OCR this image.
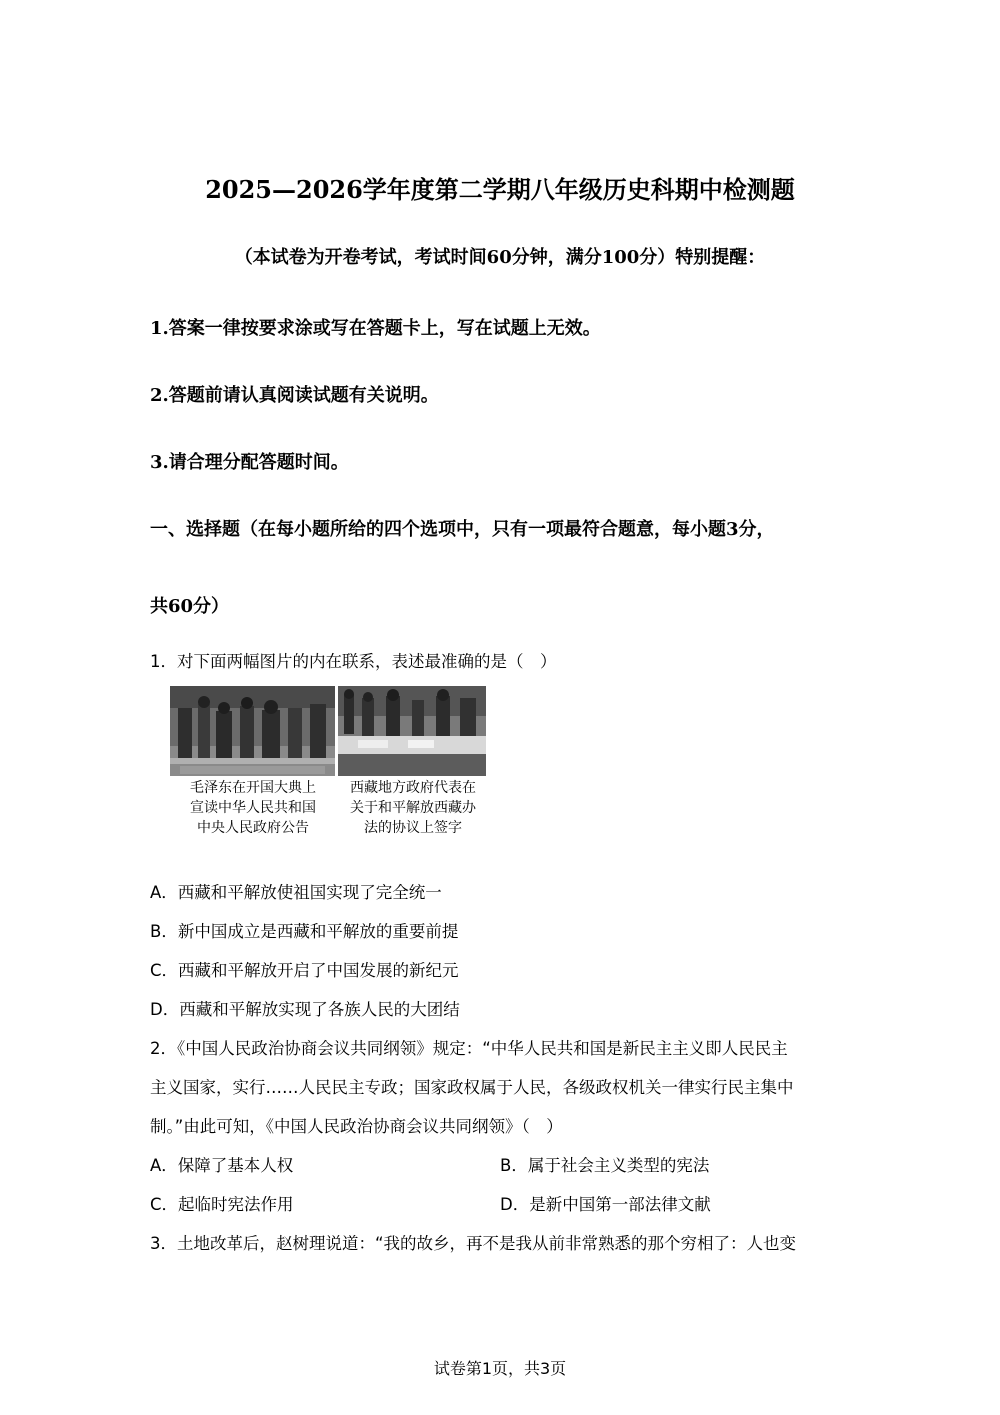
2025—2026学年度第二学期八年级历史科期中检测题
（本试卷为开卷考试，考试时间60分钟，满分100分）特别提醒：
1.答案一律按要求涂或写在答题卡上，写在试题上无效。
2.答题前请认真阅读试题有关说明。
3.请合理分配答题时间。
一、选择题（在每小题所给的四个选项中，只有一项最符合题意，每小题3分，
共60分）
1．对下面两幅图片的内在联系，表述最准确的是（　）
毛泽东在开国大典上
宣读中华人民共和国
中央人民政府公告
西藏地方政府代表在
关于和平解放西藏办
法的协议上签字
A．西藏和平解放使祖国实现了完全统一
B．新中国成立是西藏和平解放的重要前提
C．西藏和平解放开启了中国发展的新纪元
D．西藏和平解放实现了各族人民的大团结
2．《中国人民政治协商会议共同纲领》规定：“中华人民共和国是新民主主义即人民民主
主义国家，实行……人民民主专政；国家政权属于人民，各级政权机关一律实行民主集中
制。”由此可知，《中国人民政治协商会议共同纲领》（　）
A．保障了基本人权	B．属于社会主义类型的宪法
C．起临时宪法作用	D．是新中国第一部法律文献
3．土地改革后，赵树理说道：“我的故乡，再不是我从前非常熟悉的那个穷相了：人也变
试卷第1页，共3页
